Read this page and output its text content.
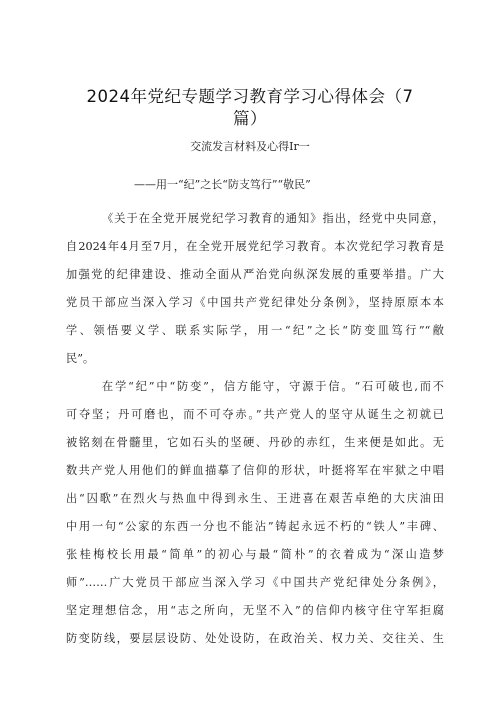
2024年党纪专题学习教育学习心得体会（7
篇）
交流发言材料及心得Ir一
——用一“纪”之长“防支笃行”“敬民”
《关于在全党开展党纪学习教育的通知》指出，经党中央同意，
自2024年4月至7月，在全党开展党纪学习教育。本次党纪学习教育是
加强党的纪律建设、推动全面从严治党向纵深发展的重要举措。广大
党员干部应当深入学习《中国共产党纪律处分条例》，坚持原原本本
学、领悟要义学、联系实际学，用一“纪”之长“防变皿笃行”“敝
民”。
在学“纪”中“防变”，信方能守，守源于信。“石可破也,而不
可夺坚；丹可磨也，而不可夺赤。”共产党人的坚守从诞生之初就已
被铭刻在骨髓里，它如石头的坚硬、丹砂的赤红，生来便是如此。无
数共产党人用他们的鲜血描摹了信仰的形状，叶挺将军在牢狱之中唱
出“囚歌”在烈火与热血中得到永生、王进喜在艰苦卓绝的大庆油田
中用一句“公家的东西一分也不能沾”铸起永远不朽的“铁人”丰碑、
张桂梅校长用最“简单”的初心与最“简朴”的衣着成为“深山造梦
师”……广大党员干部应当深入学习《中国共产党纪律处分条例》，
坚定理想信念，用“志之所向，无坚不入”的信仰内核守住守军拒腐
防变防线，要层层设防、处处设防，在政治关、权力关、交往关、生
